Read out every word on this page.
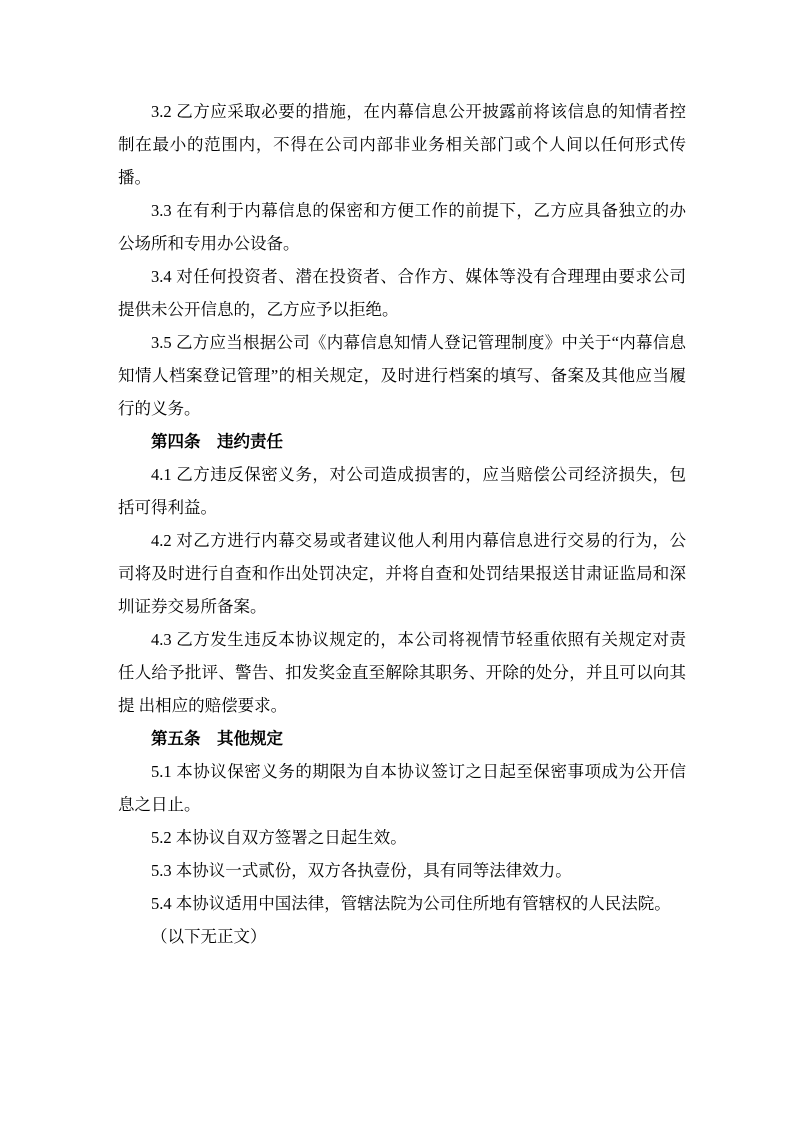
3.2 乙方应采取必要的措施，在内幕信息公开披露前将该信息的知情者控制在最小的范围内，不得在公司内部非业务相关部门或个人间以任何形式传播。

3.3 在有利于内幕信息的保密和方便工作的前提下，乙方应具备独立的办公场所和专用办公设备。

3.4 对任何投资者、潜在投资者、合作方、媒体等没有合理理由要求公司提供未公开信息的，乙方应予以拒绝。

3.5 乙方应当根据公司《内幕信息知情人登记管理制度》中关于“内幕信息知情人档案登记管理”的相关规定，及时进行档案的填写、备案及其他应当履行的义务。

第四条　违约责任

4.1 乙方违反保密义务，对公司造成损害的，应当赔偿公司经济损失，包括可得利益。

4.2 对乙方进行内幕交易或者建议他人利用内幕信息进行交易的行为，公司将及时进行自查和作出处罚决定，并将自查和处罚结果报送甘肃证监局和深圳证券交易所备案。

4.3 乙方发生违反本协议规定的，本公司将视情节轻重依照有关规定对责任人给予批评、警告、扣发奖金直至解除其职务、开除的处分，并且可以向其提 出相应的赔偿要求。

第五条　其他规定

5.1 本协议保密义务的期限为自本协议签订之日起至保密事项成为公开信息之日止。

5.2 本协议自双方签署之日起生效。

5.3 本协议一式贰份，双方各执壹份，具有同等法律效力。

5.4 本协议适用中国法律，管辖法院为公司住所地有管辖权的人民法院。

（以下无正文）
